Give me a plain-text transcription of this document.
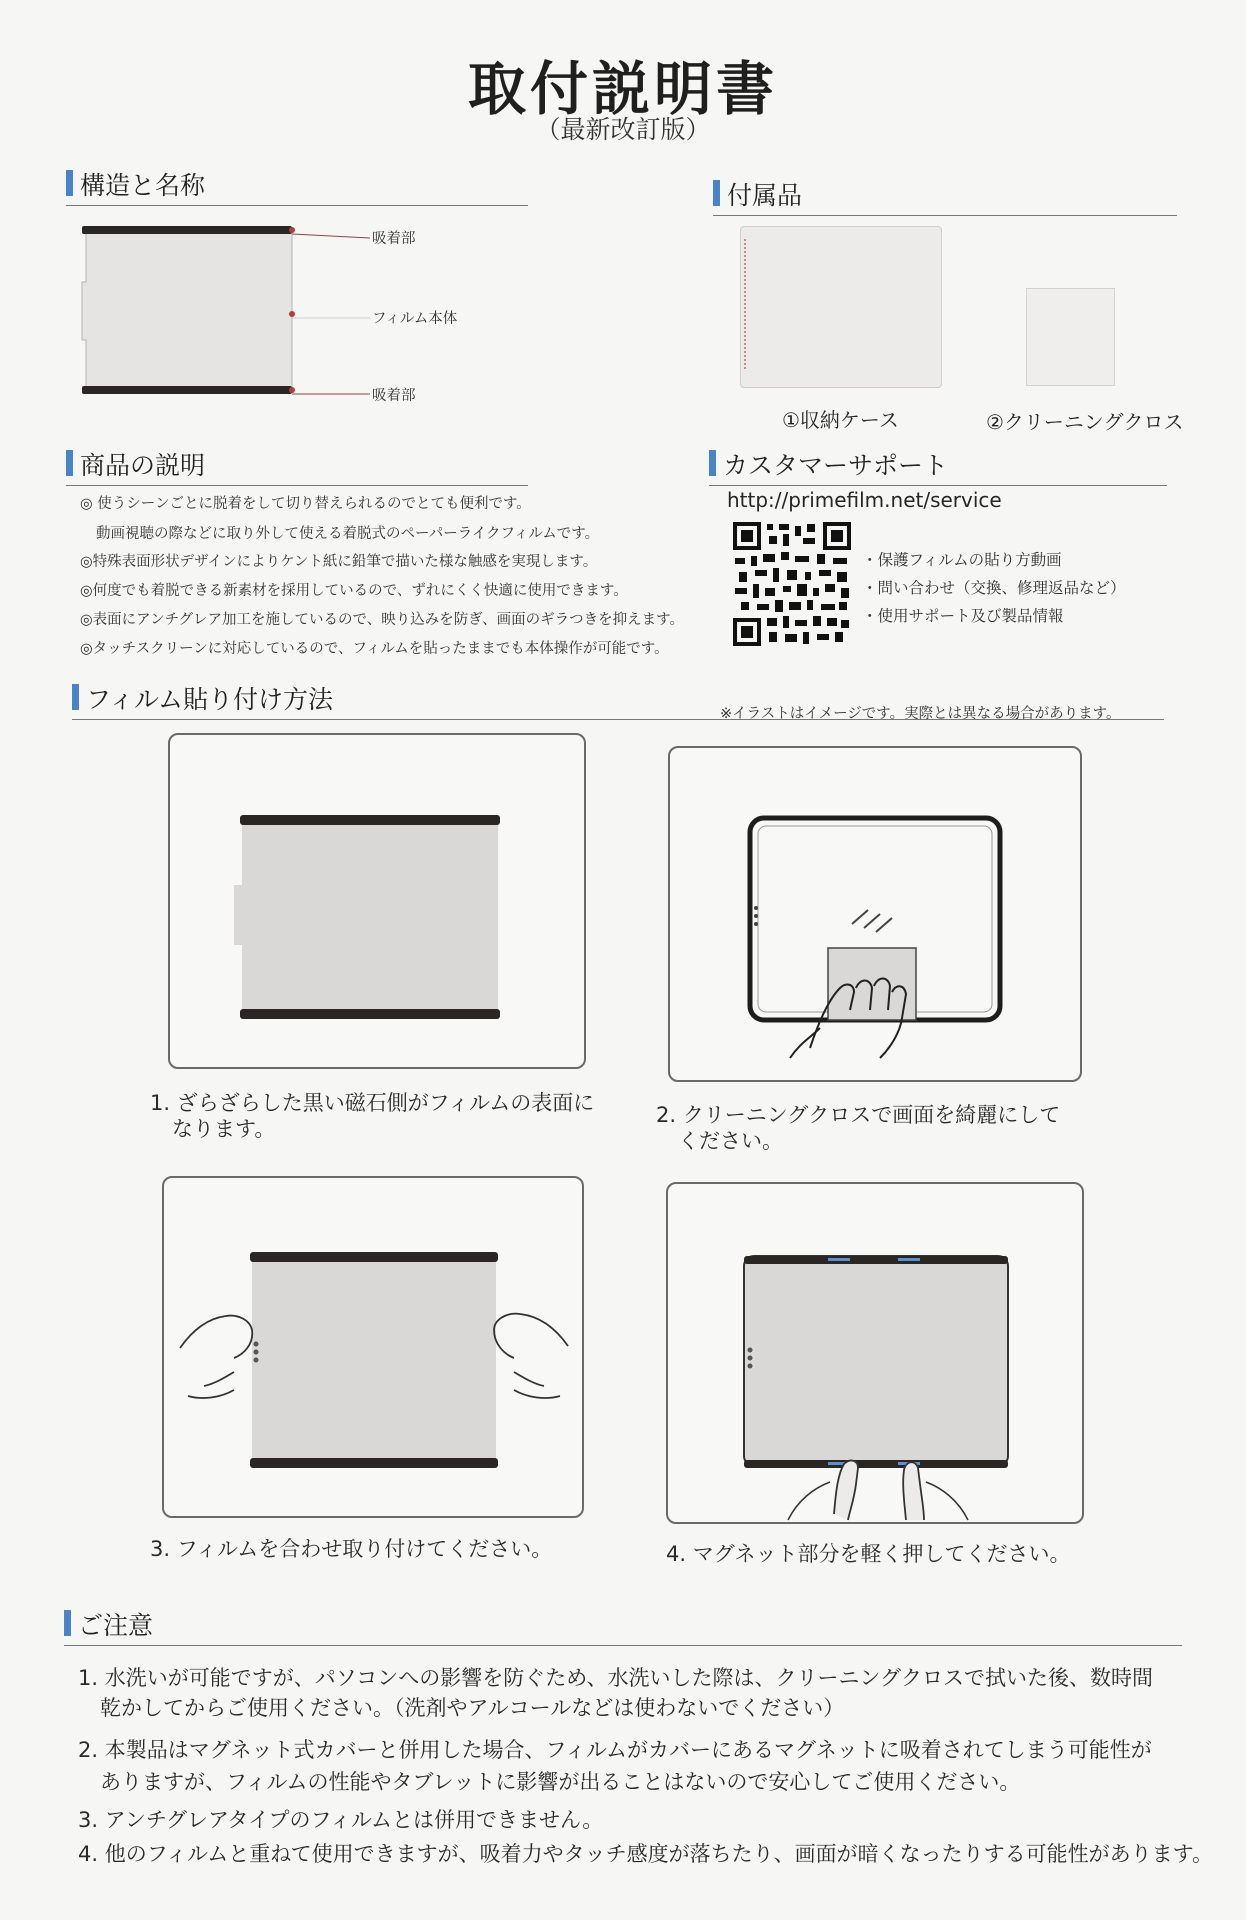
取付説明書
（最新改訂版）
構造と名称
吸着部
フィルム本体
吸着部
付属品
①収納ケース	②クリーニングクロス
商品の説明
◎ 使うシーンごとに脱着をして切り替えられるのでとても便利です。
動画視聴の際などに取り外して使える着脱式のペーパーライクフィルムです。
◎特殊表面形状デザインによりケント紙に鉛筆で描いた様な触感を実現します。
◎何度でも着脱できる新素材を採用しているので、ずれにくく快適に使用できます。
◎表面にアンチグレア加工を施しているので、映り込みを防ぎ、画面のギラつきを抑えます。
◎タッチスクリーンに対応しているので、フィルムを貼ったままでも本体操作が可能です。
カスタマーサポート
http://primefilm.net/service
・保護フィルムの貼り方動画
・問い合わせ（交換、修理返品など）
・使用サポート及び製品情報
フィルム貼り付け方法	※イラストはイメージです。実際とは異なる場合があります。
1. ざらざらした黒い磁石側がフィルムの表面に
なります。
2. クリーニングクロスで画面を綺麗にして
ください。
3. フィルムを合わせ取り付けてください。	4. マグネット部分を軽く押してください。
ご注意
1. 水洗いが可能ですが、パソコンへの影響を防ぐため、水洗いした際は、クリーニングクロスで拭いた後、数時間
乾かしてからご使用ください。（洗剤やアルコールなどは使わないでください）
2. 本製品はマグネット式カバーと併用した場合、フィルムがカバーにあるマグネットに吸着されてしまう可能性が
ありますが、フィルムの性能やタブレットに影響が出ることはないので安心してご使用ください。
3. アンチグレアタイプのフィルムとは併用できません。
4. 他のフィルムと重ねて使用できますが、吸着力やタッチ感度が落ちたり、画面が暗くなったりする可能性があります。
